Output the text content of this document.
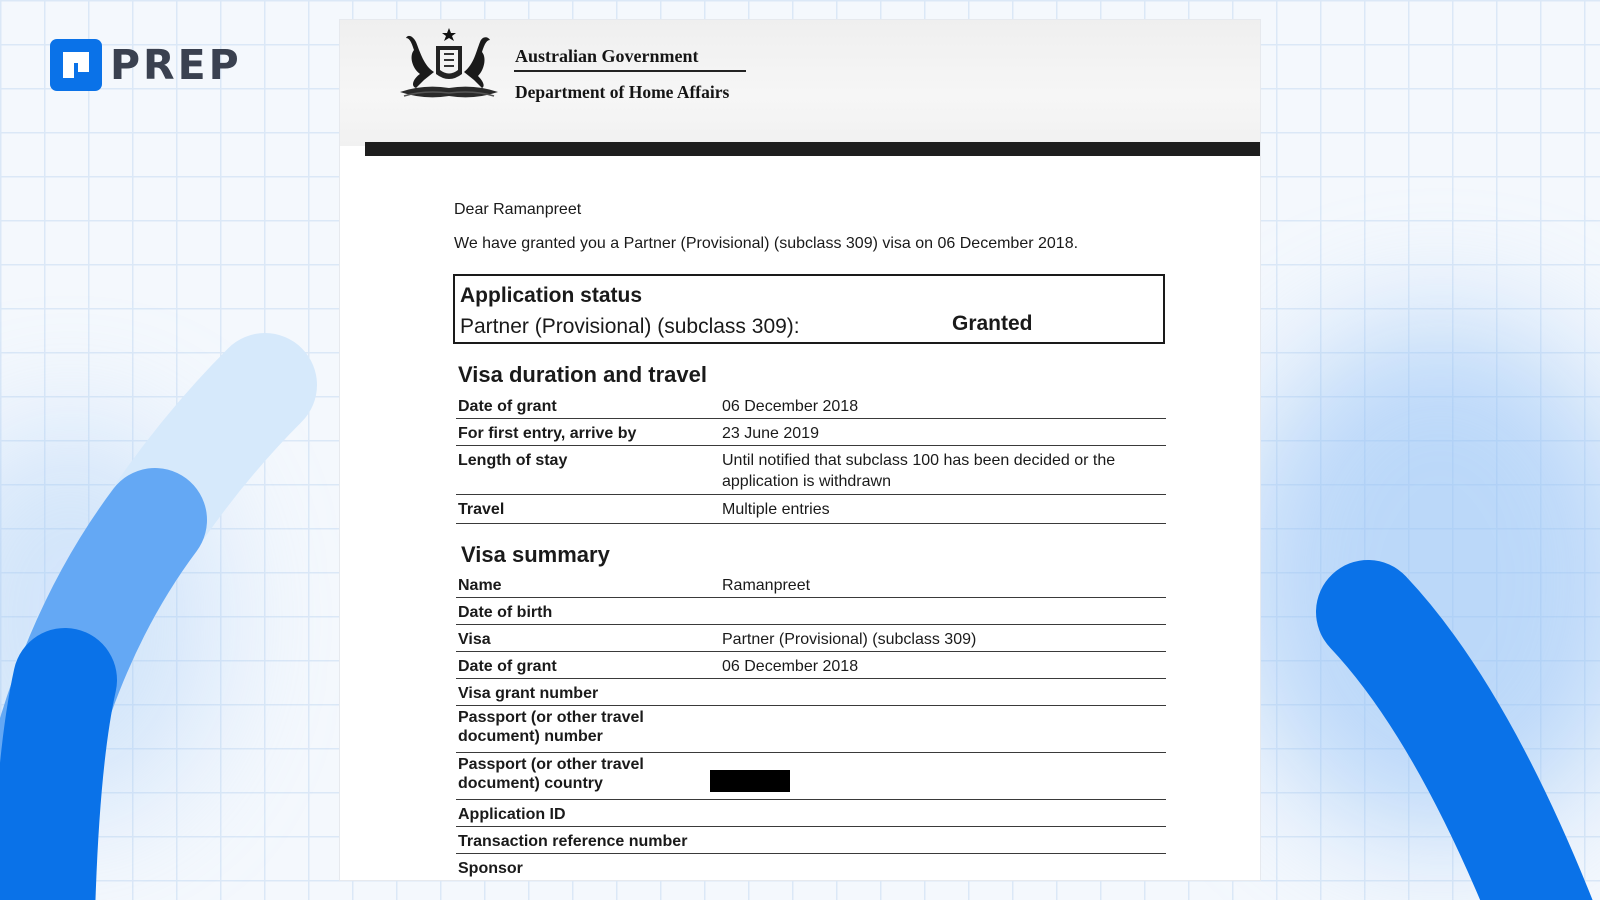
PREP	Australian Government
Department of Home Affairs
Dear Ramanpreet
We have granted you a Partner (Provisional) (subclass 309) visa on 06 December 2018.
Application status
Partner (Provisional) (subclass 309):	Granted
Visa duration and travel
Date of grant	06 December 2018
For first entry, arrive by	23 June 2019
Length of stay	Until notified that subclass 100 has been decided or the application is withdrawn
Travel	Multiple entries
Visa summary
Name	Ramanpreet
Date of birth
Visa	Partner (Provisional) (subclass 309)
Date of grant	06 December 2018
Visa grant number
Passport (or other travel document) number
Passport (or other travel document) country
Application ID
Transaction reference number
Sponsor
